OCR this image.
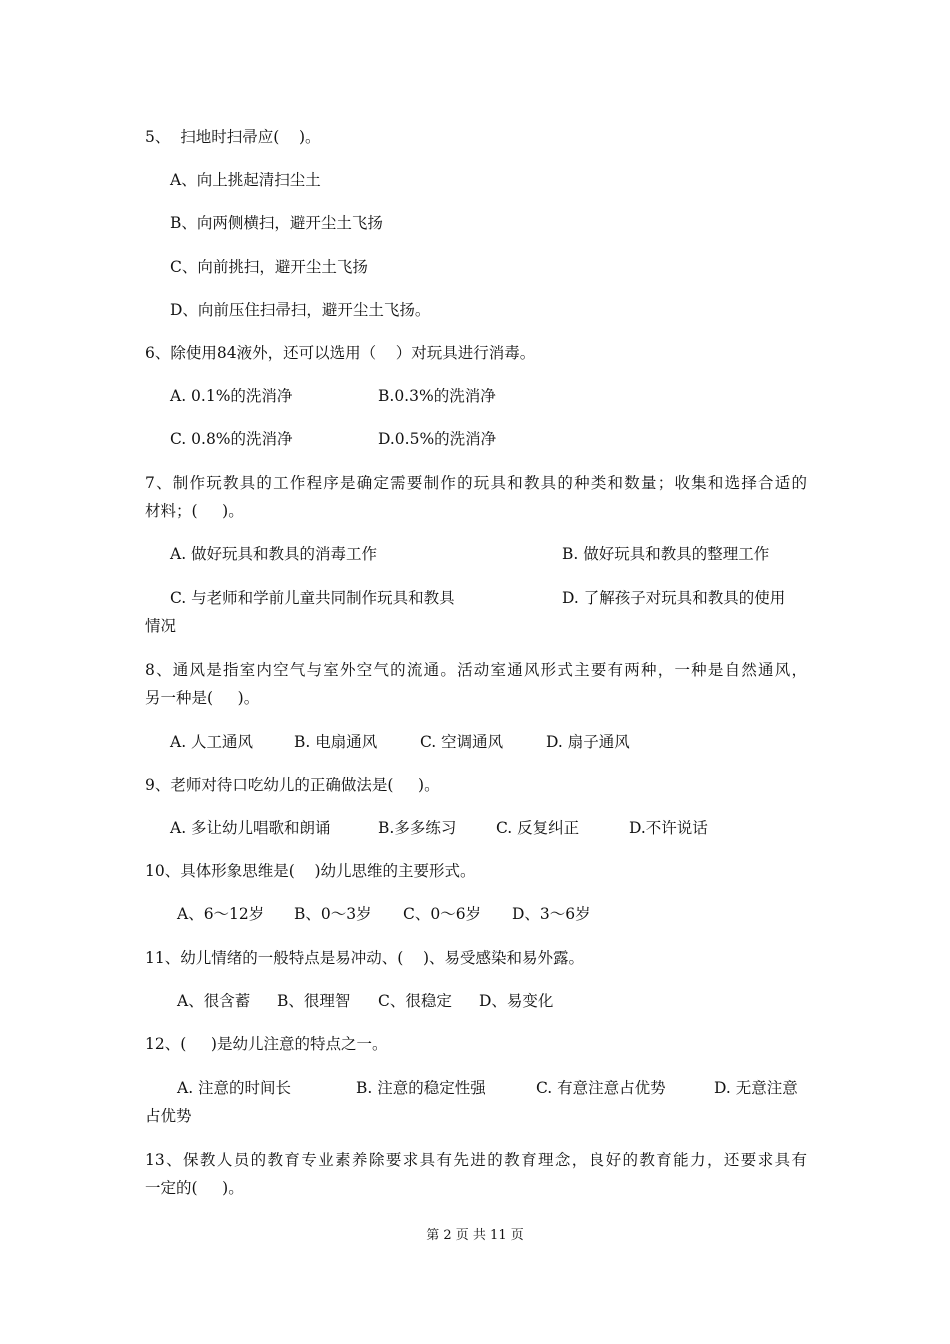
5、  扫地时扫帚应(    )。
A、向上挑起清扫尘土
B、向两侧横扫，避开尘土飞扬
C、向前挑扫，避开尘土飞扬
D、向前压住扫帚扫，避开尘土飞扬。
6、除使用84液外，还可以选用（    ）对玩具进行消毒。
A. 0.1%的洗消净	B.0.3%的洗消净
C. 0.8%的洗消净	D.0.5%的洗消净
7、制作玩教具的工作程序是确定需要制作的玩具和教具的种类和数量；收集和选择合适的
材料；(     )。
A. 做好玩具和教具的消毒工作	B. 做好玩具和教具的整理工作
C. 与老师和学前儿童共同制作玩具和教具	D. 了解孩子对玩具和教具的使用
情况
8、通风是指室内空气与室外空气的流通。活动室通风形式主要有两种，一种是自然通风，
另一种是(     )。
A. 人工通风	B. 电扇通风	C. 空调通风	D. 扇子通风
9、老师对待口吃幼儿的正确做法是(     )。
A. 多让幼儿唱歌和朗诵	B.多多练习	C. 反复纠正	D.不许说话
10、具体形象思维是(    )幼儿思维的主要形式。
A、6～12岁 B、0～3岁 C、0～6岁 D、3～6岁
11、幼儿情绪的一般特点是易冲动、(    )、易受感染和易外露。
A、很含蓄 B、很理智 C、很稳定 D、易变化
12、(     )是幼儿注意的特点之一。
A. 注意的时间长	B. 注意的稳定性强	C. 有意注意占优势	D. 无意注意
占优势
13、保教人员的教育专业素养除要求具有先进的教育理念，良好的教育能力，还要求具有
一定的(     )。
第 2 页 共 11 页
